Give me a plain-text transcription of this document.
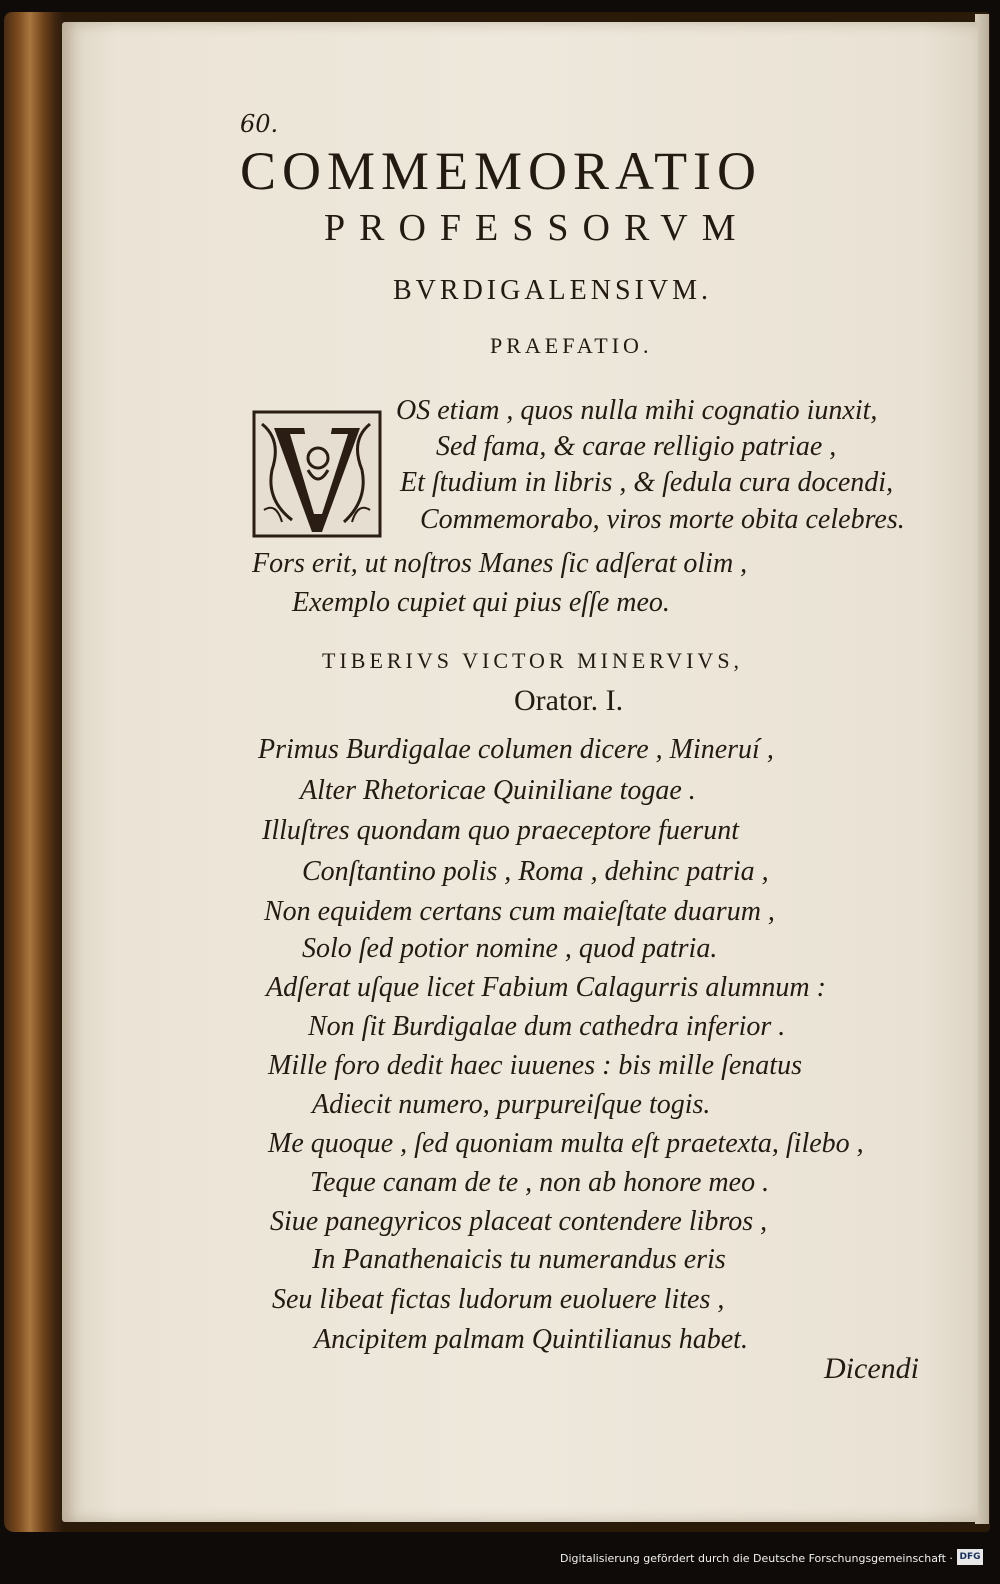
60.
COMMEMORATIO
PROFESSORVM
BVRDIGALENSIVM.
PRAEFATIO.
OS etiam , quos nulla mihi cognatio iunxit,
Sed fama, & carae relligio patriae ,
Et ſtudium in libris , & ſedula cura docendi,
Commemorabo, viros morte obita celebres.
Fors erit, ut noſtros Manes ſic adſerat olim ,
Exemplo cupiet qui pius eſſe meo.
TIBERIVS VICTOR MINERVIVS,
Orator. I.
Primus Burdigalae columen dicere , Mineruí ,
Alter Rhetoricae Quiniliane togae .
Illuſtres quondam quo praeceptore fuerunt
Conſtantino polis , Roma , dehinc patria ,
Non equidem certans cum maieſtate duarum ,
Solo ſed potior nomine , quod patria.
Adſerat uſque licet Fabium Calagurris alumnum :
Non ſit Burdigalae dum cathedra inferior .
Mille foro dedit haec iuuenes : bis mille ſenatus
Adiecit numero, purpureiſque togis.
Me quoque , ſed quoniam multa eſt praetexta, ſilebo ,
Teque canam de te , non ab honore meo .
Siue panegyricos placeat contendere libros ,
In Panathenaicis tu numerandus eris
Seu libeat fictas ludorum euoluere lites ,
Ancipitem palmam Quintilianus habet.
Dicendi
Digitalisierung gefördert durch die Deutsche Forschungsgemeinschaft · DFG
